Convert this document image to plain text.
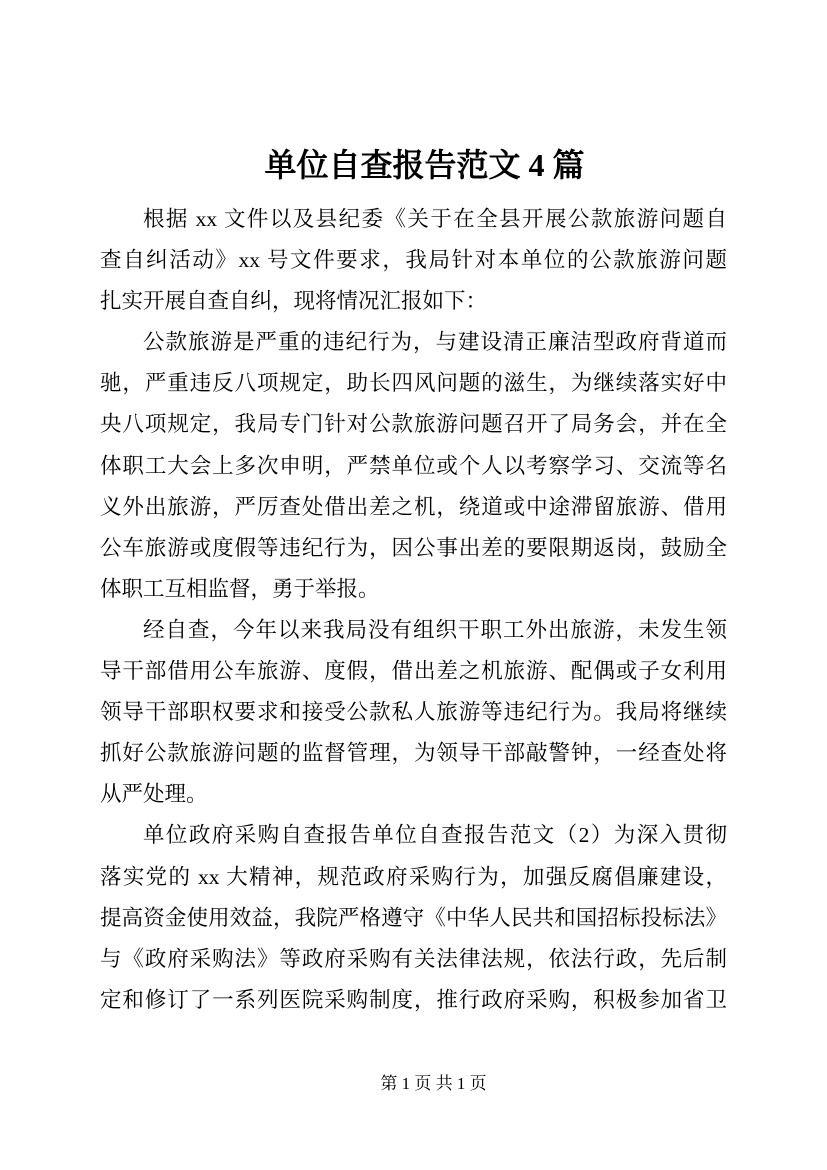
单位自查报告范文 4 篇
根据 xx 文件以及县纪委《关于在全县开展公款旅游问题自
查自纠活动》xx 号文件要求，我局针对本单位的公款旅游问题
扎实开展自查自纠，现将情况汇报如下：
公款旅游是严重的违纪行为，与建设清正廉洁型政府背道而
驰，严重违反八项规定，助长四风问题的滋生，为继续落实好中
央八项规定，我局专门针对公款旅游问题召开了局务会，并在全
体职工大会上多次申明，严禁单位或个人以考察学习、交流等名
义外出旅游，严厉查处借出差之机，绕道或中途滞留旅游、借用
公车旅游或度假等违纪行为，因公事出差的要限期返岗，鼓励全
体职工互相监督，勇于举报。
经自查，今年以来我局没有组织干职工外出旅游，未发生领
导干部借用公车旅游、度假，借出差之机旅游、配偶或子女利用
领导干部职权要求和接受公款私人旅游等违纪行为。我局将继续
抓好公款旅游问题的监督管理，为领导干部敲警钟，一经查处将
从严处理。
单位政府采购自查报告单位自查报告范文（2）为深入贯彻
落实党的 xx 大精神，规范政府采购行为，加强反腐倡廉建设，
提高资金使用效益，我院严格遵守《中华人民共和国招标投标法》
与《政府采购法》等政府采购有关法律法规，依法行政，先后制
定和修订了一系列医院采购制度，推行政府采购，积极参加省卫
第 1 页 共 1 页
